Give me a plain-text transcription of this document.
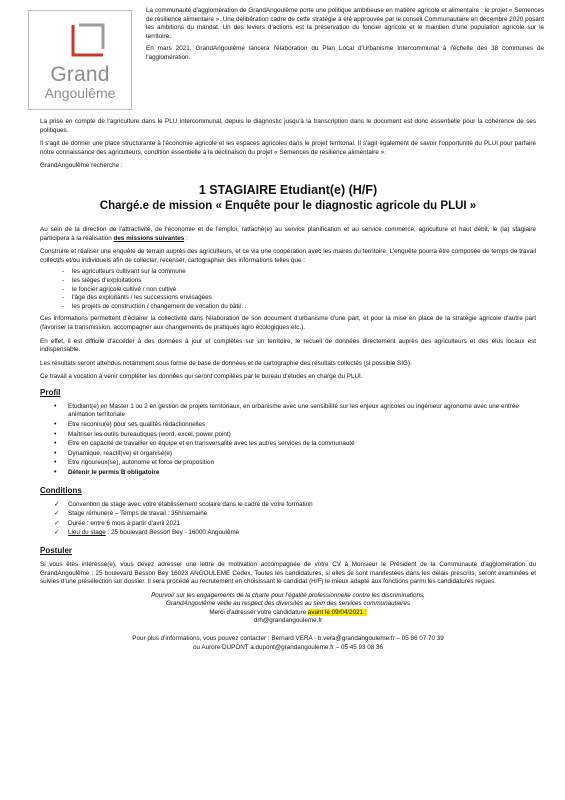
Grand
Angoulême

La communauté d'agglomération de GrandAngoulême porte une politique ambitieuse en matière agricole et alimentaire : le projet « Semences de résilience alimentaire ». Une délibération cadre de cette stratégie a été approuvée par le conseil Communautaire en décembre 2020 posant les ambitions du mandat. Un des leviers d'actions est la préservation du foncier agricole et le maintien d'une population agricole sur le territoire.

En mars 2021, GrandAngoulême lancera l'élaboration du Plan Local d'Urbanisme Intercommunal à l'échelle des 38 communes de l'agglomération.

La prise en compte de l'agriculture dans le PLU intercommunal, depuis le diagnostic jusqu'à la transcription dans le document est donc essentielle pour la cohérence de ses politiques.

Il s'agit de donner une place structurante à l'économie agricole et les espaces agricoles dans le projet territorial. Il s'agit également de savoir l'opportunité du PLUI pour parfaire notre connaissance des agriculteurs, condition essentielle à la déclinaison du projet « Semences de résilience alimentaire ».

GrandAngoulême recherche :

1 STAGIAIRE Etudiant(e) (H/F)
Chargé.e de mission « Enquête pour le diagnostic agricole du PLUI »

Au sein de la direction de l'attractivité, de l'économie et de l'emploi, rattaché(e) au service planification et au service commerce, agriculture et haut débit, le (la) stagiaire participera à la réalisation des missions suivantes :

Construire et réaliser une enquête de terrain auprès des agriculteurs, et ce via une coopération avec les maires du territoire. L'enquête pourra être composée de temps de travail collectifs et/ou individuels afin de collecter, recenser, cartographier des informations telles que :

- les agriculteurs cultivant sur la commune
- les sièges d'exploitations
- le foncier agricole cultivé / non cultivé
- l'âge des exploitants / les successions envisagées
- les projets de construction / changement de vocation du bâti/. .

Ces informations permettent d'éclairer la collectivité dans l'élaboration de son document d'urbanisme d'une part, et pour la mise en place de la stratégie agricole d'autre part (favoriser la transmission, accompagner aux changements de pratiques agro écologiques etc.).

En effet, il est difficile d'accéder à des données à jour et complètes sur un territoire, le recueil de données directement auprès des agriculteurs et des élus locaux est indispensable.

Les résultats seront attendus notamment sous forme de base de données et de cartographie des résultats collectés (si possible SIG).

Ce travail a vocation à venir compléter les données qui seront compilées par le bureau d'études en charge du PLUI.

Profil
• Etudiant(e) en Master 1 ou 2 en gestion de projets territoriaux, en urbanisme avec une sensibilité sur les enjeux agricoles ou ingénieur agronome avec une entrée animation territoriale
• Etre reconnu(e) pour ses qualités rédactionnelles
• Maîtriser les outils bureautiques (word, excel, power point)
• Etre en capacité de travailler en équipe et en transversalité avec les autres services de la communauté
• Dynamique, réactif(ve) et organisé(e)
• Etre rigoureux(se), autonome et force de proposition
• Détenir le permis B obligatoire
Conditions
✓ Convention de stage avec votre établissement scolaire dans le cadre de votre formation
✓ Stage rémunéré – Temps de travail : 35h/semaine
✓ Durée : entre 6 mois à partir d'avril 2021
✓ Lieu du stage : 25 boulevard Besson Bey - 16000 Angoulême
Postuler

Si vous êtes intéressé(e), vous devez adresser une lettre de motivation accompagnée de votre CV à Monsieur le Président de la Communauté d'agglomération du GrandAngoulême : 25 boulevard Besson Bey 16023 ANGOULEME Cedex. Toutes les candidatures, si elles se sont manifestées dans les délais prescrits, seront examinées et suivies d'une présélection sur dossier. Il sera procédé au recrutement en choisissant le candidat (H/F) le mieux adapté aux fonctions parmi les candidatures reçues.

Pourvoir sur les engagements de la charte pour l'égalité professionnelle contre les discriminations,
GrandAngoulême veille au respect des diversités au sein des services communautaires
Merci d'adresser votre candidature avant le 09/04/2021 :
drh@grandangouleme.fr
Pour plus d'informations, vous pouvez contacter : Bernard VERA - b.vera@grandangouleme.fr – 05 86 07 70 39
ou Aurore DUPONT a.dupont@grandangouleme.fr – 05 45 93 08 36
